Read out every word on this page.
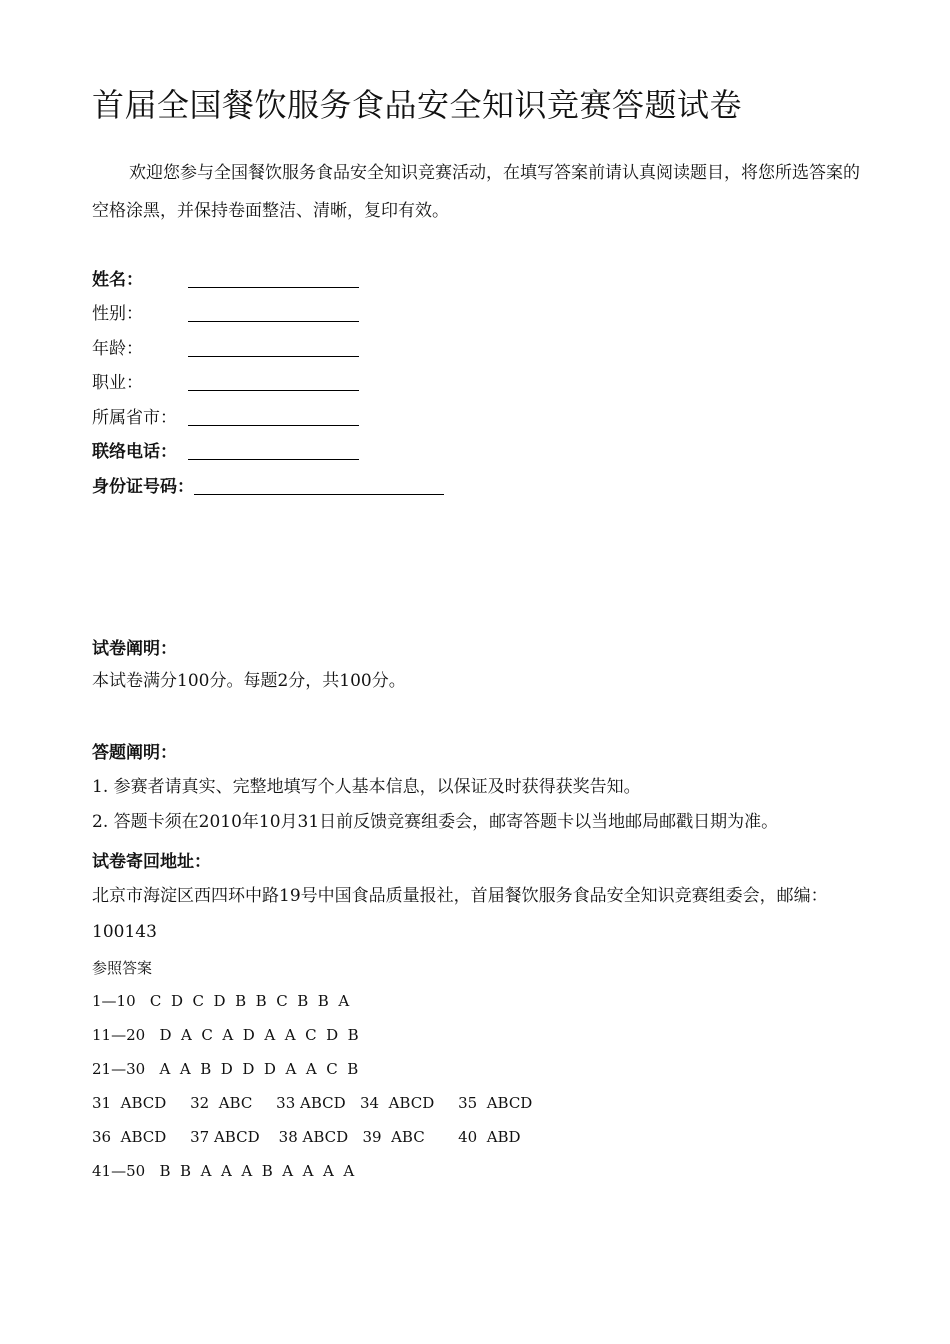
首届全国餐饮服务食品安全知识竞赛答题试卷

欢迎您参与全国餐饮服务食品安全知识竞赛活动，在填写答案前请认真阅读题目，将您所选答案的空格涂黑，并保持卷面整洁、清晰，复印有效。

姓名：
性别：
年龄：
职业：
所属省市：
联络电话：
身份证号码：
试卷阐明：
本试卷满分100分。每题2分，共100分。
答题阐明：
1. 参赛者请真实、完整地填写个人基本信息，以保证及时获得获奖告知。
2. 答题卡须在2010年10月31日前反馈竞赛组委会，邮寄答题卡以当地邮局邮戳日期为准。
试卷寄回地址：
北京市海淀区西四环中路19号中国食品质量报社，首届餐饮服务食品安全知识竞赛组委会，邮编：100143
参照答案
1—10   C  D  C  D  B  B  C  B  B  A
11—20   D  A  C  A  D  A  A  C  D  B
21—30   A  A  B  D  D  D  A  A  C  B
31  ABCD     32  ABC     33 ABCD   34  ABCD     35  ABCD
36  ABCD     37 ABCD    38 ABCD   39  ABC       40  ABD
41—50   B  B  A  A  A  B  A  A  A  A
